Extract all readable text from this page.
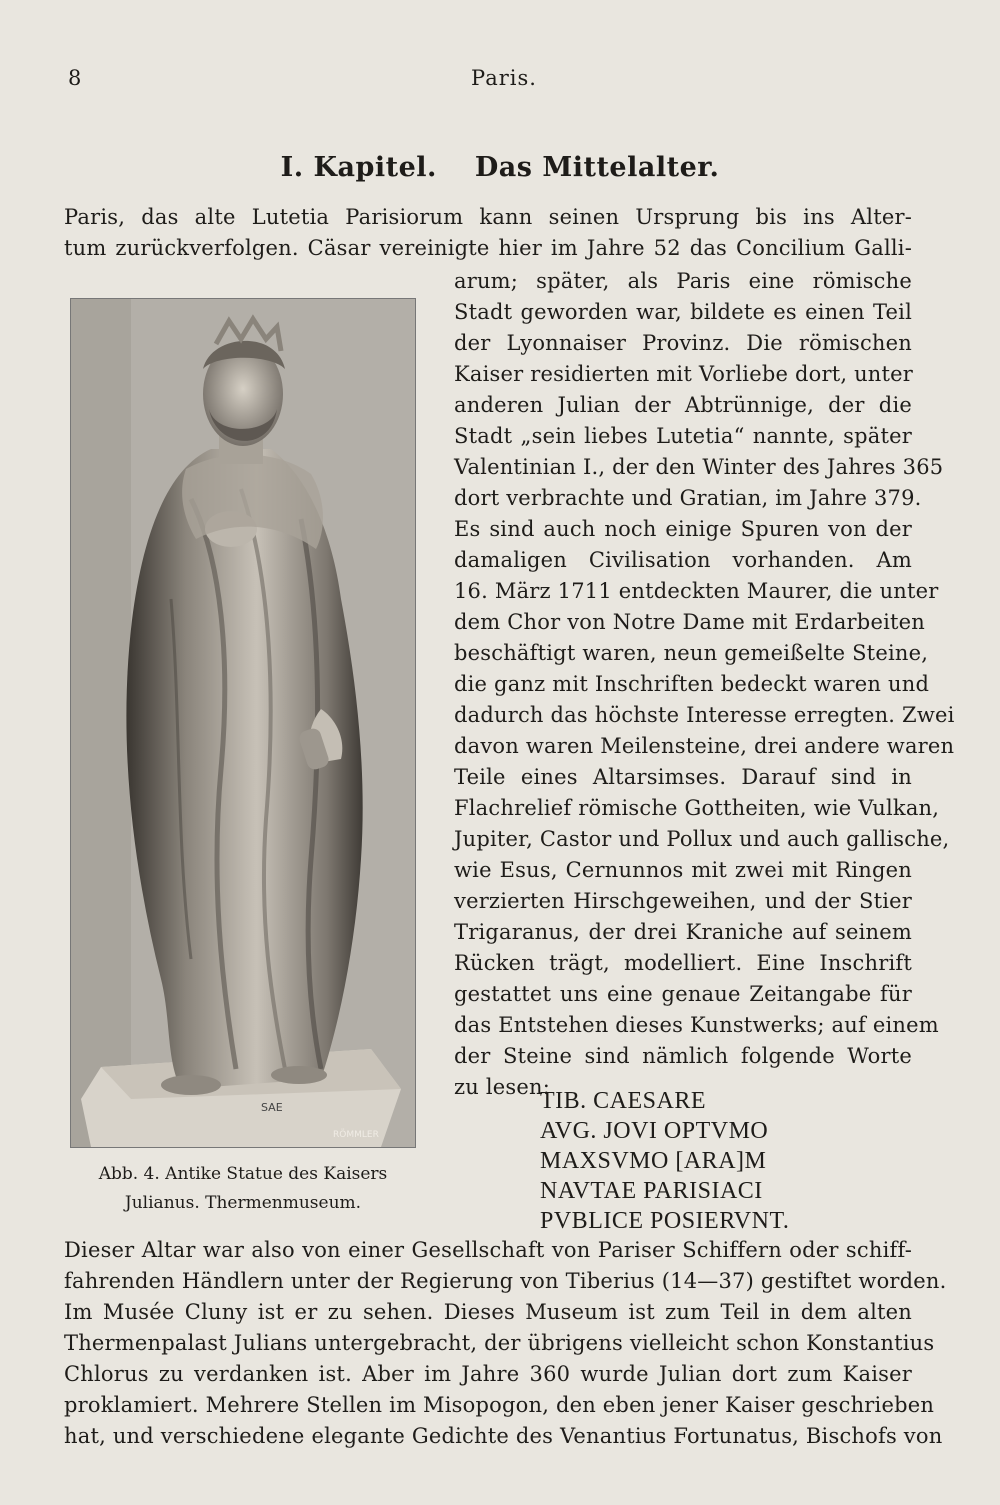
8	Paris.
I. Kapitel. Das Mittelalter.
Paris, das alte Lutetia Parisiorum kann seinen Ursprung bis ins Alter-
tum zurückverfolgen. Cäsar vereinigte hier im Jahre 52 das Concilium Galli-
arum; später, als Paris eine römische
Stadt geworden war, bildete es einen Teil
der Lyonnaiser Provinz. Die römischen
Kaiser residierten mit Vorliebe dort, unter
anderen Julian der Abtrünnige, der die
Stadt „sein liebes Lutetia“ nannte, später
Valentinian I., der den Winter des Jahres 365
dort verbrachte und Gratian, im Jahre 379.
Es sind auch noch einige Spuren von der
damaligen Civilisation vorhanden. Am
16. März 1711 entdeckten Maurer, die unter
dem Chor von Notre Dame mit Erdarbeiten
beschäftigt waren, neun gemeißelte Steine,
die ganz mit Inschriften bedeckt waren und
dadurch das höchste Interesse erregten. Zwei
davon waren Meilensteine, drei andere waren
Teile eines Altarsimses. Darauf sind in
Flachrelief römische Gottheiten, wie Vulkan,
Jupiter, Castor und Pollux und auch gallische,
wie Esus, Cernunnos mit zwei mit Ringen
verzierten Hirschgeweihen, und der Stier
Trigaranus, der drei Kraniche auf seinem
Rücken trägt, modelliert. Eine Inschrift
gestattet uns eine genaue Zeitangabe für
das Entstehen dieses Kunstwerks; auf einem
der Steine sind nämlich folgende Worte
zu lesen:
SAE
RÖMMLER
Abb. 4. Antike Statue des Kaisers
Julianus. Thermenmuseum.
TIB. CAESARE
AVG. JOVI OPTVMO
MAXSVMO [ARA]M
NAVTAE PARISIACI
PVBLICE POSIERVNT.
Dieser Altar war also von einer Gesellschaft von Pariser Schiffern oder schiff-
fahrenden Händlern unter der Regierung von Tiberius (14—37) gestiftet worden.
Im Musée Cluny ist er zu sehen. Dieses Museum ist zum Teil in dem alten
Thermenpalast Julians untergebracht, der übrigens vielleicht schon Konstantius
Chlorus zu verdanken ist. Aber im Jahre 360 wurde Julian dort zum Kaiser
proklamiert. Mehrere Stellen im Misopogon, den eben jener Kaiser geschrieben
hat, und verschiedene elegante Gedichte des Venantius Fortunatus, Bischofs von
